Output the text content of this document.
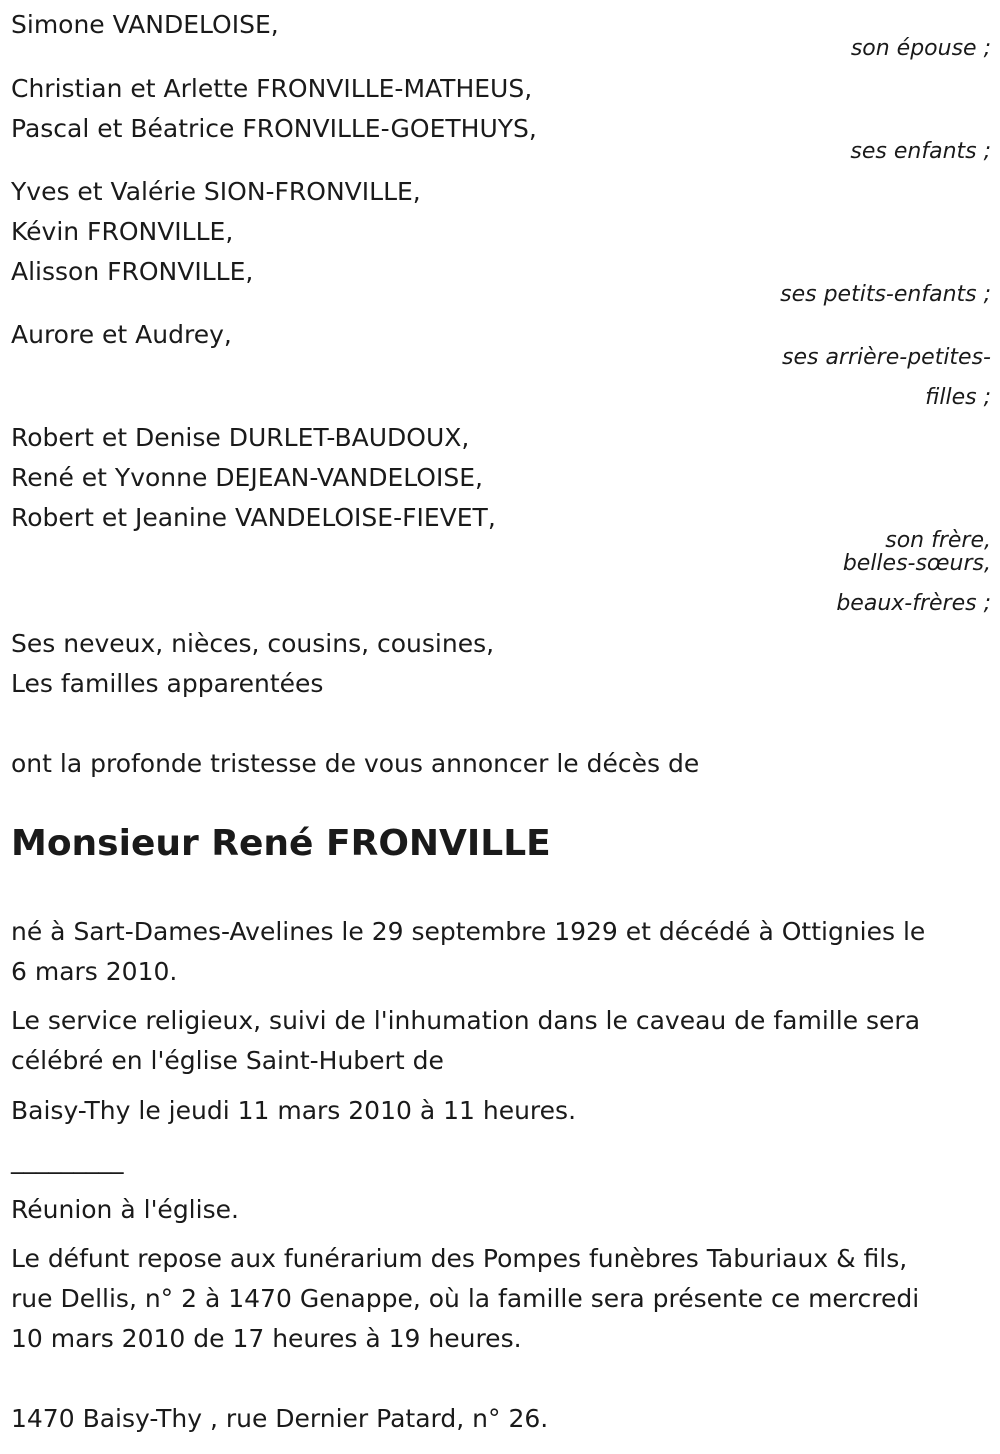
Simone VANDELOISE,
son épouse ;
Christian et Arlette FRONVILLE-MATHEUS,
Pascal et Béatrice FRONVILLE-GOETHUYS,
ses enfants ;
Yves et Valérie SION-FRONVILLE,
Kévin FRONVILLE,
Alisson FRONVILLE,
ses petits-enfants ;
Aurore et Audrey,
ses arrière-petites-
filles ;
Robert et Denise DURLET-BAUDOUX,
René et Yvonne DEJEAN-VANDELOISE,
Robert et Jeanine VANDELOISE-FIEVET,
son frère,
belles-sœurs,
beaux-frères ;
Ses neveux, nièces, cousins, cousines,
Les familles apparentées
ont la profonde tristesse de vous annoncer le décès de
Monsieur René FRONVILLE
né à Sart-Dames-Avelines le 29 septembre 1929 et décédé à Ottignies le
6 mars 2010.
Le service religieux, suivi de l'inhumation dans le caveau de famille sera
célébré en l'église Saint-Hubert de
Baisy-Thy le jeudi 11 mars 2010 à 11 heures.
_________
Réunion à l'église.
Le défunt repose aux funérarium des Pompes funèbres Taburiaux & fils,
rue Dellis, n° 2 à 1470 Genappe, où la famille sera présente ce mercredi
10 mars 2010 de 17 heures à 19 heures.
1470 Baisy-Thy , rue Dernier Patard, n° 26.
